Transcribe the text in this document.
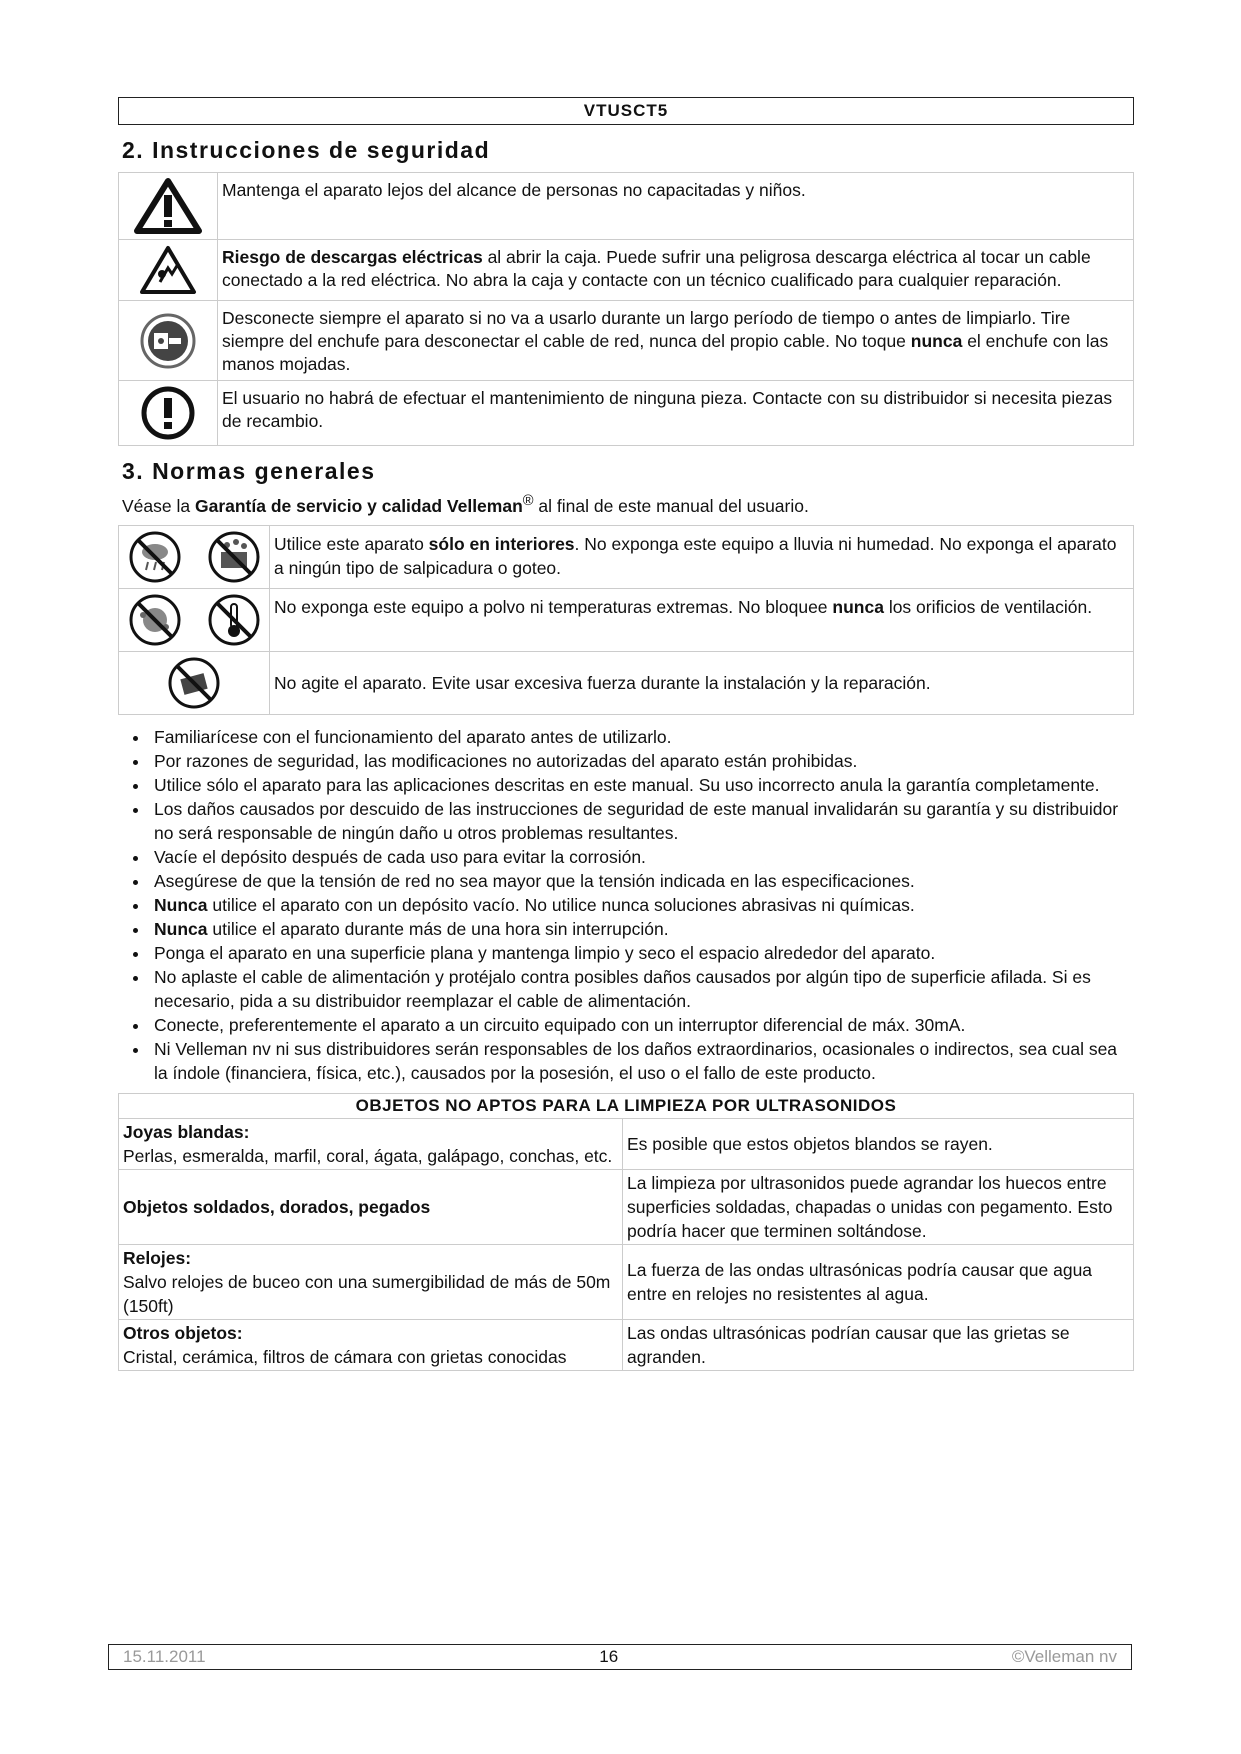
VTUSCT5
2. Instrucciones de seguridad
	Mantenga el aparato lejos del alcance de personas no capacitadas y niños.

	Riesgo de descargas eléctricas al abrir la caja. Puede sufrir una peligrosa descarga eléctrica al tocar un cable conectado a la red eléctrica. No abra la caja y contacte con un técnico cualificado para cualquier reparación.

	Desconecte siempre el aparato si no va a usarlo durante un largo período de tiempo o antes de limpiarlo. Tire siempre del enchufe para desconectar el cable de red, nunca del propio cable. No toque nunca el enchufe con las manos mojadas.

	El usuario no habrá de efectuar el mantenimiento de ninguna pieza. Contacte con su distribuidor si necesita piezas de recambio.
3. Normas generales

Véase la Garantía de servicio y calidad Velleman® al final de este manual del usuario.

	Utilice este aparato sólo en interiores. No exponga este equipo a lluvia ni humedad. No exponga el aparato a ningún tipo de salpicadura o goteo.

	No exponga este equipo a polvo ni temperaturas extremas. No bloquee nunca los orificios de ventilación.

	No agite el aparato. Evite usar excesiva fuerza durante la instalación y la reparación.
• Familiarícese con el funcionamiento del aparato antes de utilizarlo.
• Por razones de seguridad, las modificaciones no autorizadas del aparato están prohibidas.
• Utilice sólo el aparato para las aplicaciones descritas en este manual. Su uso incorrecto anula la garantía completamente.
• Los daños causados por descuido de las instrucciones de seguridad de este manual invalidarán su garantía y su distribuidor no será responsable de ningún daño u otros problemas resultantes.
• Vacíe el depósito después de cada uso para evitar la corrosión.
• Asegúrese de que la tensión de red no sea mayor que la tensión indicada en las especificaciones.
• Nunca utilice el aparato con un depósito vacío. No utilice nunca soluciones abrasivas ni químicas.
• Nunca utilice el aparato durante más de una hora sin interrupción.
• Ponga el aparato en una superficie plana y mantenga limpio y seco el espacio alrededor del aparato.
• No aplaste el cable de alimentación y protéjalo contra posibles daños causados por algún tipo de superficie afilada. Si es necesario, pida a su distribuidor reemplazar el cable de alimentación.
• Conecte, preferentemente el aparato a un circuito equipado con un interruptor diferencial de máx. 30mA.
• Ni Velleman nv ni sus distribuidores serán responsables de los daños extraordinarios, ocasionales o indirectos, sea cual sea la índole (financiera, física, etc.), causados por la posesión, el uso o el fallo de este producto.
OBJETOS NO APTOS PARA LA LIMPIEZA POR ULTRASONIDOS	
Joyas blandas:
Perlas, esmeralda, marfil, coral, ágata, galápago, conchas, etc.	Es posible que estos objetos blandos se rayen.
Objetos soldados, dorados, pegados	La limpieza por ultrasonidos puede agrandar los huecos entre superficies soldadas, chapadas o unidas con pegamento. Esto podría hacer que terminen soltándose.
Relojes:
Salvo relojes de buceo con una sumergibilidad de más de 50m (150ft)	La fuerza de las ondas ultrasónicas podría causar que agua entre en relojes no resistentes al agua.
Otros objetos:
Cristal, cerámica, filtros de cámara con grietas conocidas	Las ondas ultrasónicas podrían causar que las grietas se agranden.
15.11.2011	16	©Velleman nv
